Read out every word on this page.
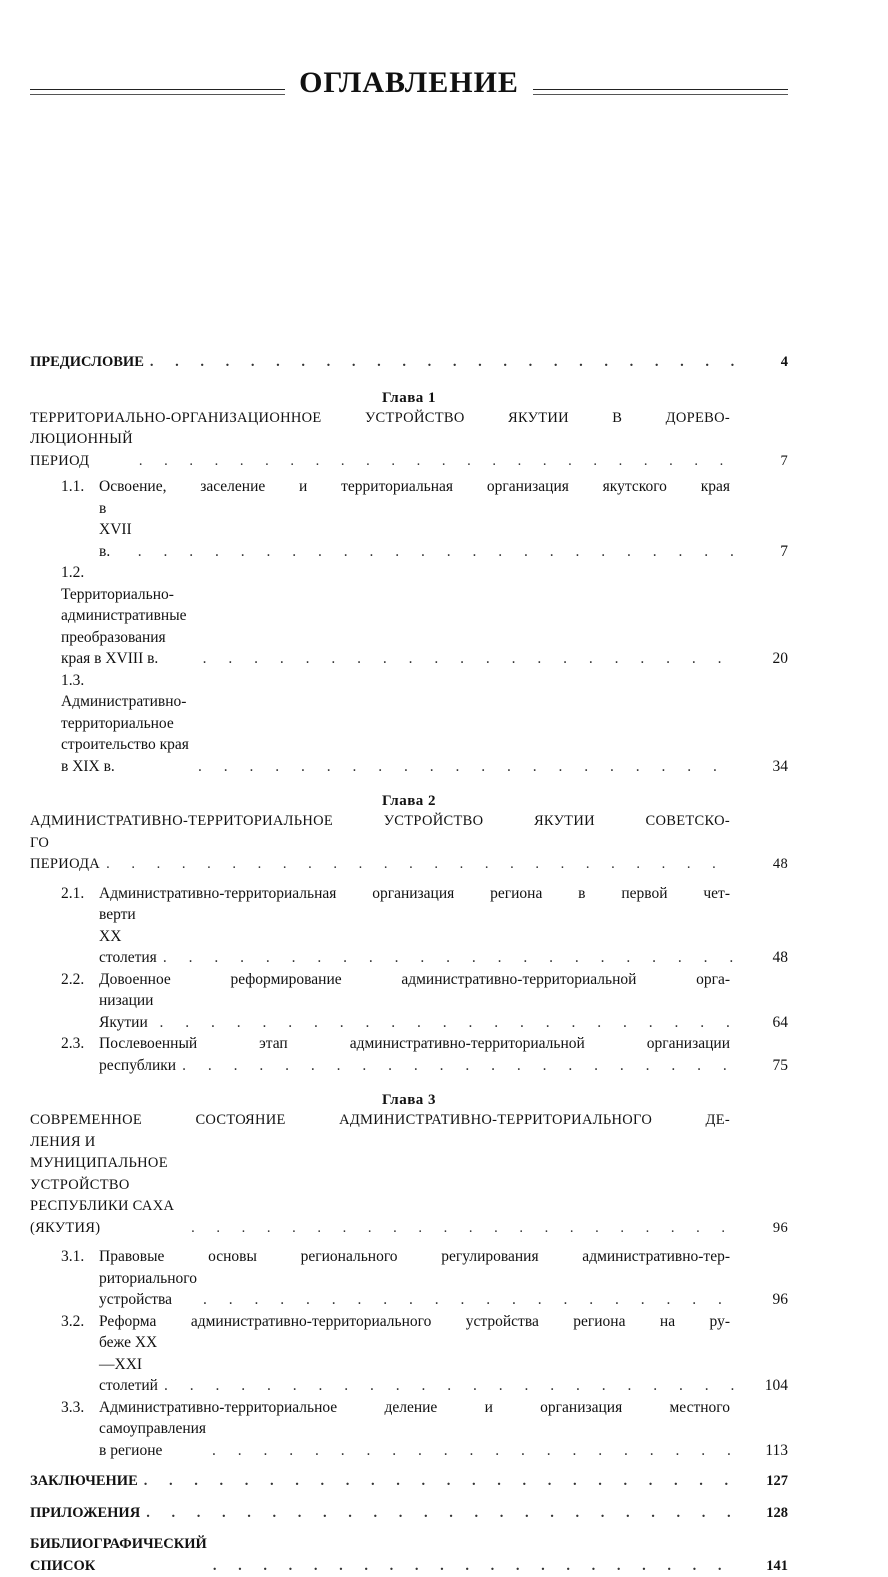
ОГЛАВЛЕНИЕ
ПРЕДИСЛОВИЕ . . .	4
Глава 1
ТЕРРИТОРИАЛЬНО-ОРГАНИЗАЦИОННОЕ УСТРОЙСТВО ЯКУТИИ В ДОРЕВО-
ЛЮЦИОННЫЙ ПЕРИОД . . .	7
1.1. Освоение, заселение и территориальная организация якутского края
в XVII в. . . .	7
1.2.Территориально-административные преобразования края в XVIII в. . . .	20
1.3.Административно-территориальное строительство края в XIX в. . . .	34
Глава 2
АДМИНИСТРАТИВНО-ТЕРРИТОРИАЛЬНОЕ УСТРОЙСТВО ЯКУТИИ СОВЕТСКО-
ГО ПЕРИОДА . . .	48
2.1. Административно-территориальная организация региона в первой чет-
верти XX столетия . . .	48
2.2. Довоенное реформирование административно-территориальной орга-
низации Якутии . . .	64
2.3. Послевоенный этап административно-территориальной организации
республики . . .	75
Глава 3
СОВРЕМЕННОЕ СОСТОЯНИЕ АДМИНИСТРАТИВНО-ТЕРРИТОРИАЛЬНОГО ДЕ-
ЛЕНИЯ И МУНИЦИПАЛЬНОЕ УСТРОЙСТВО РЕСПУБЛИКИ САХА (ЯКУТИЯ) . . .	96
3.1. Правовые основы регионального регулирования административно-тер-
риториального устройства . . .	96
3.2. Реформа административно-территориального устройства региона на ру-
беже XX—XXI столетий . . .	104
3.3. Административно-территориальное деление и организация местного
самоуправления в регионе . . .	113
ЗАКЛЮЧЕНИЕ . . .	127
ПРИЛОЖЕНИЯ . . .	128
БИБЛИОГРАФИЧЕСКИЙ СПИСОК . . .	141
